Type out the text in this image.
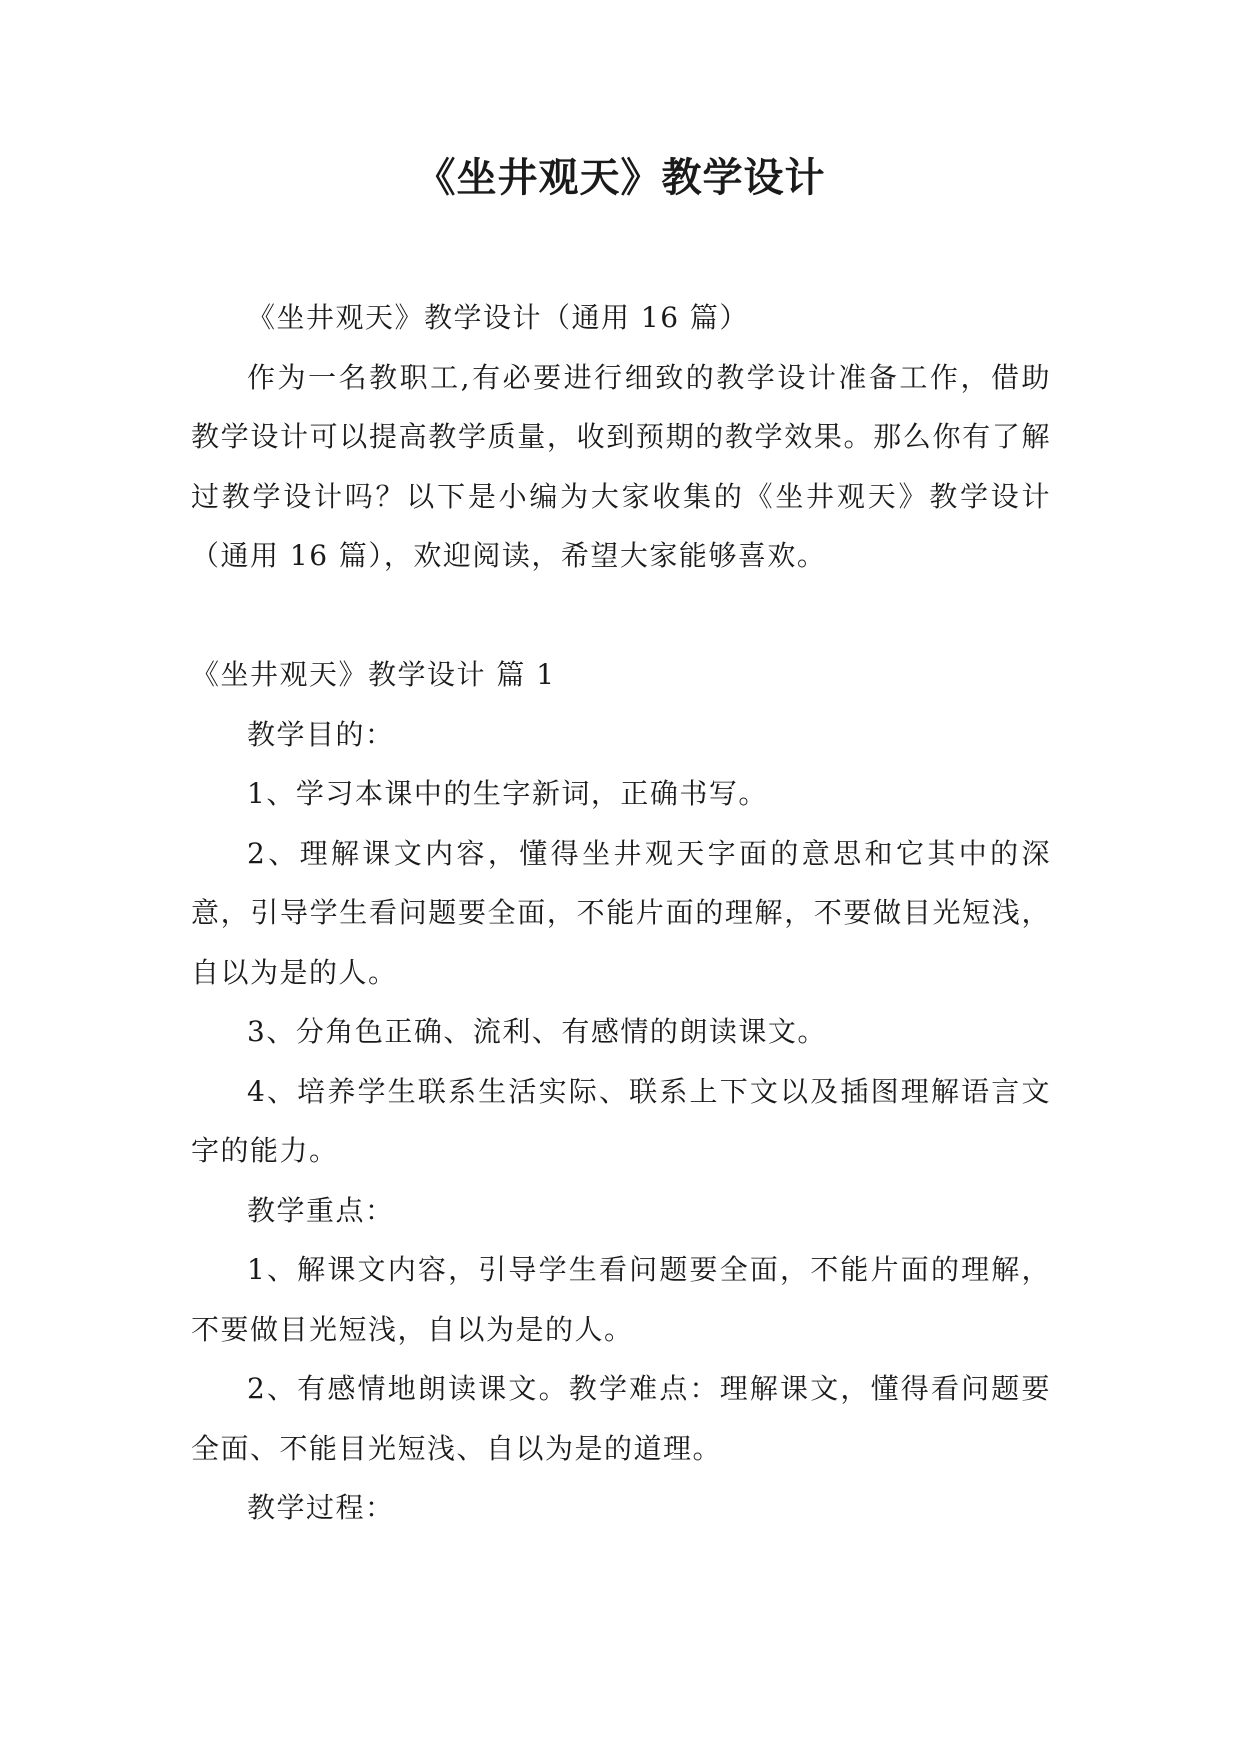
《坐井观天》教学设计

《坐井观天》教学设计（通用 16 篇）

作为一名教职工,有必要进行细致的教学设计准备工作，借助教学设计可以提高教学质量，收到预期的教学效果。那么你有了解过教学设计吗？以下是小编为大家收集的《坐井观天》教学设计（通用 16 篇），欢迎阅读，希望大家能够喜欢。

《坐井观天》教学设计 篇 1

教学目的：

1、学习本课中的生字新词，正确书写。

2、理解课文内容，懂得坐井观天字面的意思和它其中的深意，引导学生看问题要全面，不能片面的理解，不要做目光短浅，自以为是的人。

3、分角色正确、流利、有感情的朗读课文。

4、培养学生联系生活实际、联系上下文以及插图理解语言文字的能力。

教学重点：

1、解课文内容，引导学生看问题要全面，不能片面的理解，不要做目光短浅，自以为是的人。

2、有感情地朗读课文。教学难点：理解课文，懂得看问题要全面、不能目光短浅、自以为是的道理。

教学过程：
